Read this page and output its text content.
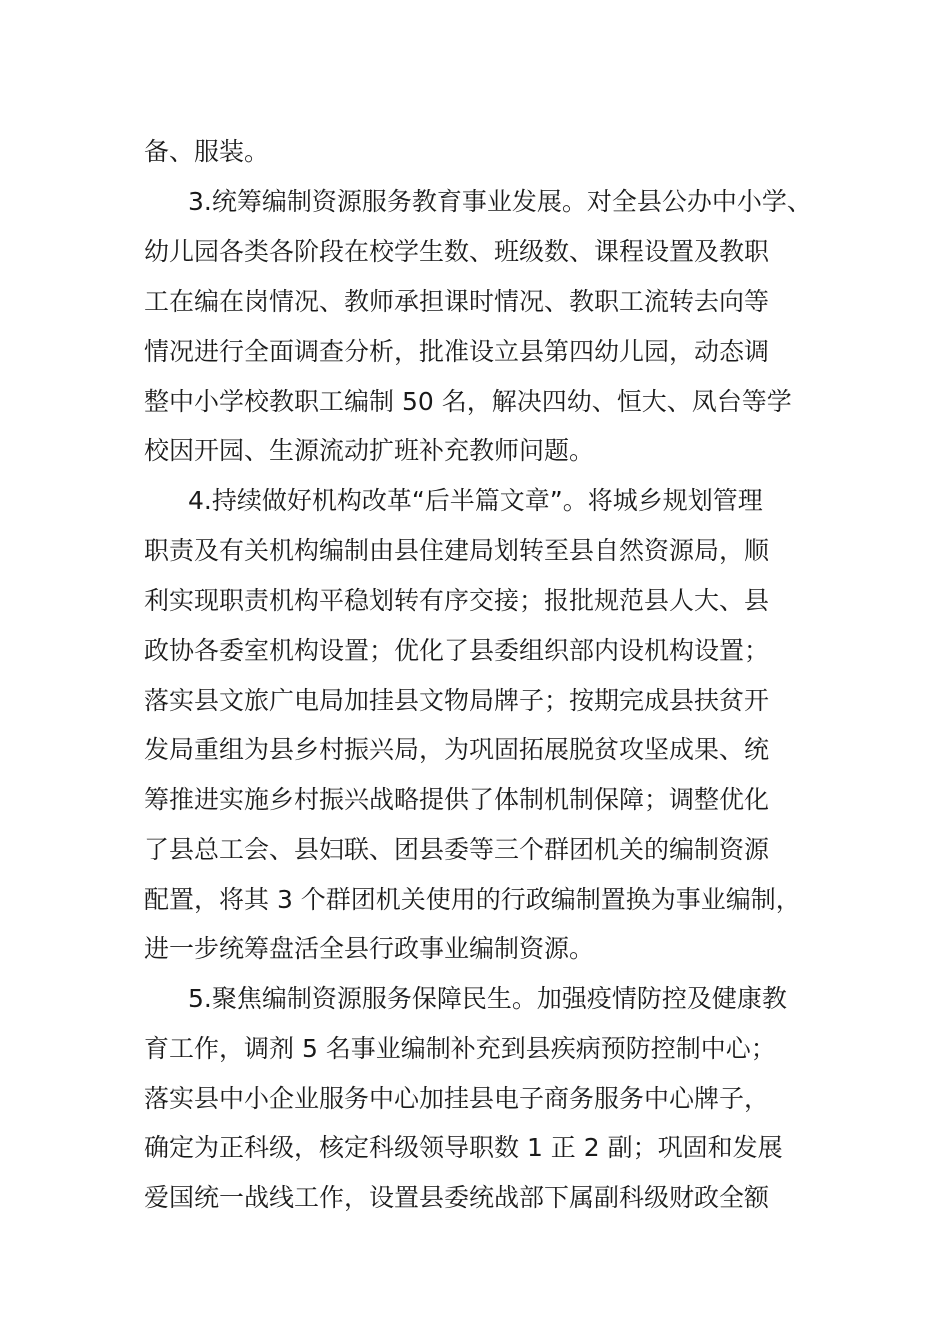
备、服装。
3.统筹编制资源服务教育事业发展。对全县公办中小学、
幼儿园各类各阶段在校学生数、班级数、课程设置及教职
工在编在岗情况、教师承担课时情况、教职工流转去向等
情况进行全面调查分析，批准设立县第四幼儿园，动态调
整中小学校教职工编制 50 名，解决四幼、恒大、凤台等学
校因开园、生源流动扩班补充教师问题。
4.持续做好机构改革“后半篇文章”。将城乡规划管理
职责及有关机构编制由县住建局划转至县自然资源局，顺
利实现职责机构平稳划转有序交接；报批规范县人大、县
政协各委室机构设置；优化了县委组织部内设机构设置；
落实县文旅广电局加挂县文物局牌子；按期完成县扶贫开
发局重组为县乡村振兴局，为巩固拓展脱贫攻坚成果、统
筹推进实施乡村振兴战略提供了体制机制保障；调整优化
了县总工会、县妇联、团县委等三个群团机关的编制资源
配置，将其 3 个群团机关使用的行政编制置换为事业编制，
进一步统筹盘活全县行政事业编制资源。
5.聚焦编制资源服务保障民生。加强疫情防控及健康教
育工作，调剂 5 名事业编制补充到县疾病预防控制中心；
落实县中小企业服务中心加挂县电子商务服务中心牌子，
确定为正科级，核定科级领导职数 1 正 2 副；巩固和发展
爱国统一战线工作，设置县委统战部下属副科级财政全额
